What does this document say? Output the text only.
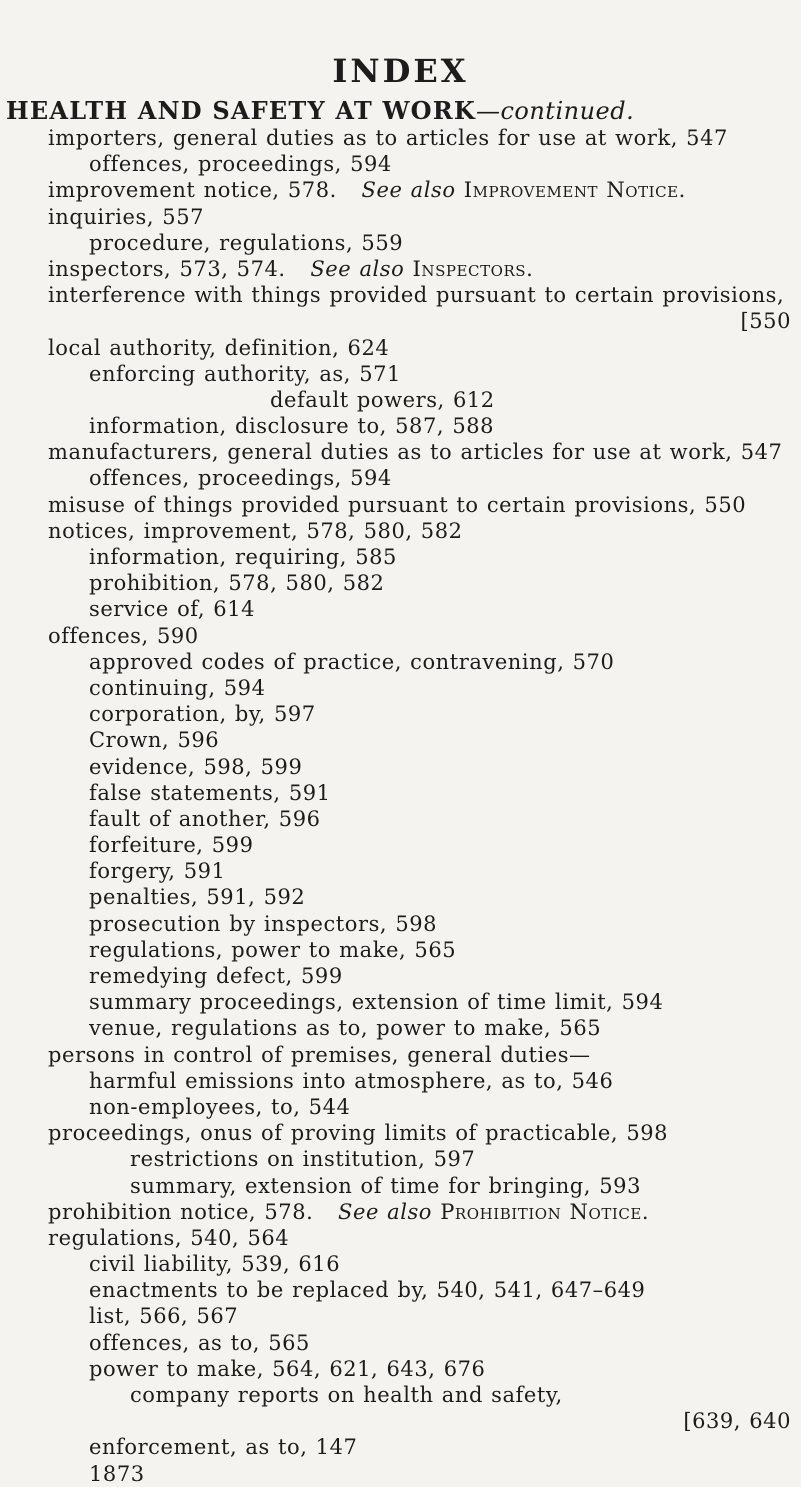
INDEX
HEALTH AND SAFETY AT WORK—continued.
importers, general duties as to articles for use at work, 547
offences, proceedings, 594
improvement notice, 578. See also Improvement Notice.
inquiries, 557
procedure, regulations, 559
inspectors, 573, 574. See also Inspectors.
interference with things provided pursuant to certain provisions,
[550
local authority, definition, 624
enforcing authority, as, 571
default powers, 612
information, disclosure to, 587, 588
manufacturers, general duties as to articles for use at work, 547
offences, proceedings, 594
misuse of things provided pursuant to certain provisions, 550
notices, improvement, 578, 580, 582
information, requiring, 585
prohibition, 578, 580, 582
service of, 614
offences, 590
approved codes of practice, contravening, 570
continuing, 594
corporation, by, 597
Crown, 596
evidence, 598, 599
false statements, 591
fault of another, 596
forfeiture, 599
forgery, 591
penalties, 591, 592
prosecution by inspectors, 598
regulations, power to make, 565
remedying defect, 599
summary proceedings, extension of time limit, 594
venue, regulations as to, power to make, 565
persons in control of premises, general duties—
harmful emissions into atmosphere, as to, 546
non-employees, to, 544
proceedings, onus of proving limits of practicable, 598
restrictions on institution, 597
summary, extension of time for bringing, 593
prohibition notice, 578. See also Prohibition Notice.
regulations, 540, 564
civil liability, 539, 616
enactments to be replaced by, 540, 541, 647–649
list, 566, 567
offences, as to, 565
power to make, 564, 621, 643, 676
company reports on health and safety,
[639, 640
enforcement, as to, 147
1873
